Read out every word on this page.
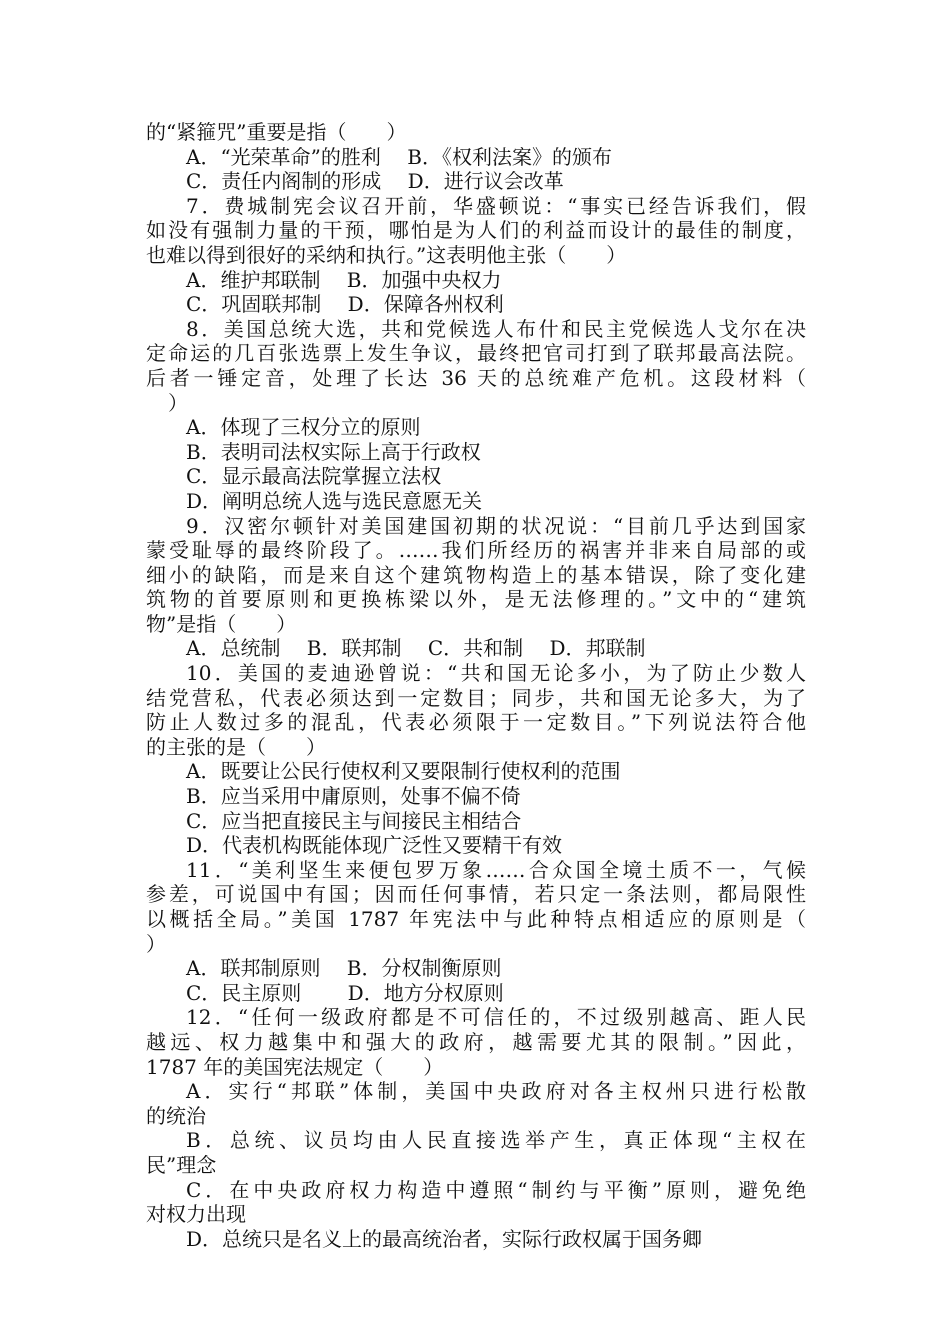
的“紧箍咒”重要是指（　　）
A．“光荣革命”的胜利　 B．《权利法案》的颁布
C．责任内阁制的形成　 D．进行议会改革
7．费城制宪会议召开前，华盛顿说：“事实已经告诉我们，假
如没有强制力量的干预，哪怕是为人们的利益而设计的最佳的制度，
也难以得到很好的采纳和执行。”这表明他主张（　　）
A．维护邦联制　 B．加强中央权力
C．巩固联邦制　 D．保障各州权利
8．美国总统大选，共和党候选人布什和民主党候选人戈尔在决
定命运的几百张选票上发生争议，最终把官司打到了联邦最高法院。
后者一锤定音，处理了长达 36 天的总统难产危机。这段材料（
）
A．体现了三权分立的原则
B．表明司法权实际上高于行政权
C．显示最高法院掌握立法权
D．阐明总统人选与选民意愿无关
9．汉密尔顿针对美国建国初期的状况说：“目前几乎达到国家
蒙受耻辱的最终阶段了。……我们所经历的祸害并非来自局部的或
细小的缺陷，而是来自这个建筑物构造上的基本错误，除了变化建
筑物的首要原则和更换栋梁以外，是无法修理的。”文中的“建筑
物”是指（　　）
A．总统制　 B．联邦制　 C．共和制　 D．邦联制
10．美国的麦迪逊曾说：“共和国无论多小，为了防止少数人
结党营私，代表必须达到一定数目；同步，共和国无论多大，为了
防止人数过多的混乱，代表必须限于一定数目。”下列说法符合他
的主张的是（　　）
A．既要让公民行使权利又要限制行使权利的范围
B．应当采用中庸原则，处事不偏不倚
C．应当把直接民主与间接民主相结合
D．代表机构既能体现广泛性又要精干有效
11．“美利坚生来便包罗万象……合众国全境土质不一，气候
参差，可说国中有国；因而任何事情，若只定一条法则，都局限性
以概括全局。”美国 1787 年宪法中与此种特点相适应的原则是（
）
A．联邦制原则　 B．分权制衡原则
C．民主原则　　 D．地方分权原则
12．“任何一级政府都是不可信任的，不过级别越高、距人民
越远、权力越集中和强大的政府，越需要尤其的限制。”因此，
1787 年的美国宪法规定（　　）
A．实行“邦联”体制，美国中央政府对各主权州只进行松散
的统治
B．总统、议员均由人民直接选举产生，真正体现“主权在
民”理念
C．在中央政府权力构造中遵照“制约与平衡”原则，避免绝
对权力出现
D．总统只是名义上的最高统治者，实际行政权属于国务卿
